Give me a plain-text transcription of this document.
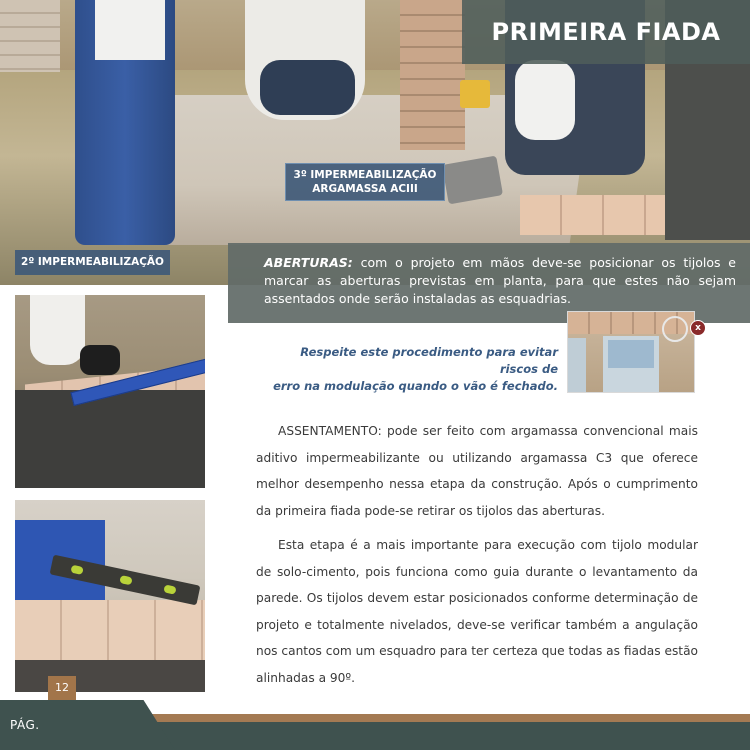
PRIMEIRA FIADA
3º IMPERMEABILIZAÇÃO
ARGAMASSA ACIII
2º IMPERMEABILIZAÇÃO	ABERTURAS: com o projeto em mãos deve-se posicionar os tijolos e marcar as aberturas previstas em planta, para que estes não sejam assentados onde serão instaladas as esquadrias.
12
Respeite este procedimento para evitar riscos de
erro na modulação quando o vão é fechado.
x

ASSENTAMENTO: pode ser feito com argamassa convencional mais aditivo impermeabilizante ou utilizando argamassa C3 que oferece melhor desempenho nessa etapa da construção. Após o cumprimento da primeira fiada pode-se retirar os tijolos das aberturas.

Esta etapa é a mais importante para execução com tijolo modular de solo-cimento, pois funciona como guia durante o levantamento da parede. Os tijolos devem estar posicionados conforme determinação de projeto e totalmente nivelados, deve-se verificar também a angulação nos cantos com um esquadro para ter certeza que todas as fiadas estão alinhadas a 90º.

PÁG.
